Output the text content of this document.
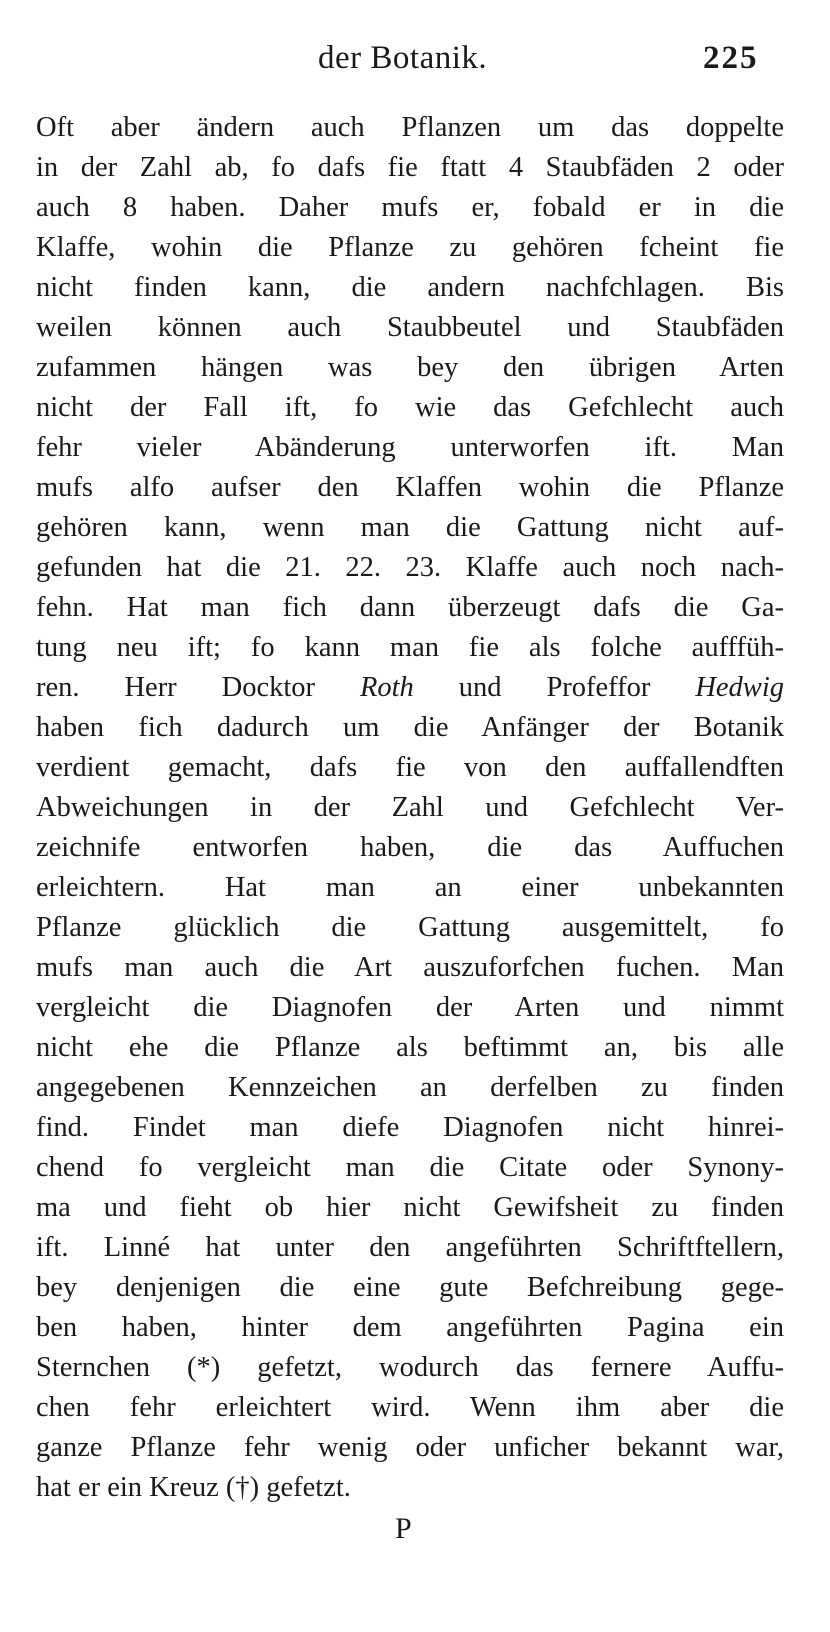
der Botanik.	225
Oft aber ändern auch Pflanzen um das doppelte
in der Zahl ab, fo dafs fie ftatt 4 Staubfäden 2 oder
auch 8 haben. Daher mufs er, fobald er in die
Klaffe, wohin die Pflanze zu gehören fcheint fie
nicht finden kann, die andern nachfchlagen. Bis
weilen können auch Staubbeutel und Staubfäden
zufammen hängen was bey den übrigen Arten
nicht der Fall ift, fo wie das Gefchlecht auch
fehr vieler Abänderung unterworfen ift. Man
mufs alfo aufser den Klaffen wohin die Pflanze
gehören kann, wenn man die Gattung nicht auf-
gefunden hat die 21. 22. 23. Klaffe auch noch nach-
fehn. Hat man fich dann überzeugt dafs die Ga-
tung neu ift; fo kann man fie als folche aufffüh-
ren. Herr Docktor Roth und Profeffor Hedwig
haben fich dadurch um die Anfänger der Botanik
verdient gemacht, dafs fie von den auffallendften
Abweichungen in der Zahl und Gefchlecht Ver-
zeichnife entworfen haben, die das Auffuchen
erleichtern. Hat man an einer unbekannten
Pflanze glücklich die Gattung ausgemittelt, fo
mufs man auch die Art auszuforfchen fuchen. Man
vergleicht die Diagnofen der Arten und nimmt
nicht ehe die Pflanze als beftimmt an, bis alle
angegebenen Kennzeichen an derfelben zu finden
find. Findet man diefe Diagnofen nicht hinrei-
chend fo vergleicht man die Citate oder Synony-
ma und fieht ob hier nicht Gewifsheit zu finden
ift. Linné hat unter den angeführten Schriftftellern,
bey denjenigen die eine gute Befchreibung gege-
ben haben, hinter dem angeführten Pagina ein
Sternchen (*) gefetzt, wodurch das fernere Auffu-
chen fehr erleichtert wird. Wenn ihm aber die
ganze Pflanze fehr wenig oder unficher bekannt war,
hat er ein Kreuz (†) gefetzt.
P
